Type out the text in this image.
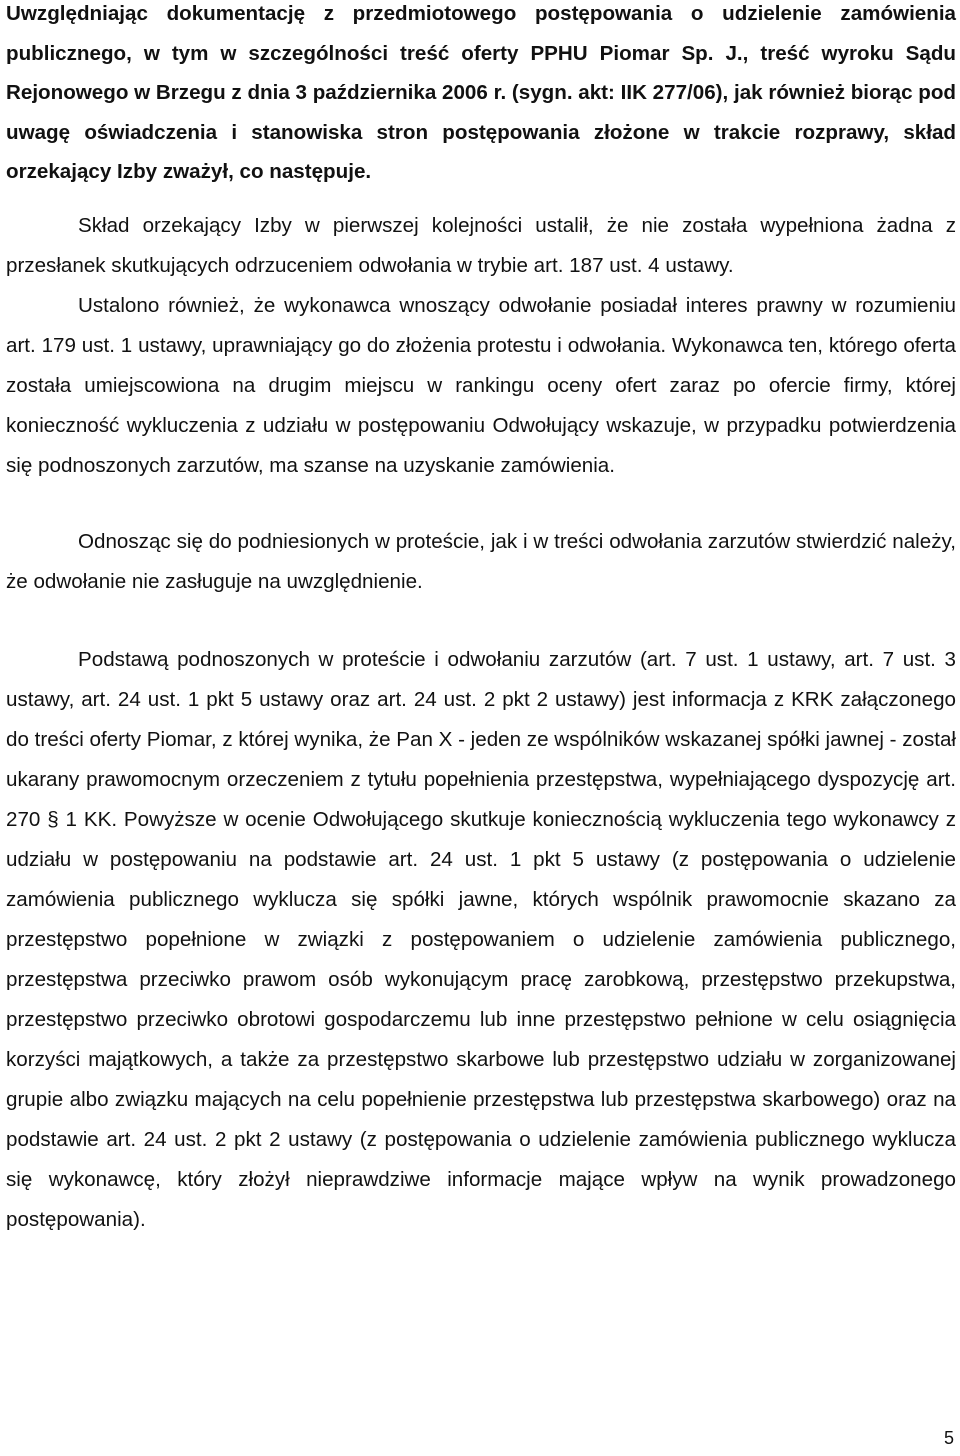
Uwzględniając dokumentację z przedmiotowego postępowania o udzielenie zamówienia publicznego, w tym w szczególności treść oferty PPHU Piomar Sp. J., treść wyroku Sądu Rejonowego w Brzegu z dnia 3 października 2006 r. (sygn. akt: IIK 277/06), jak również biorąc pod uwagę oświadczenia i stanowiska stron postępowania złożone w trakcie rozprawy, skład orzekający Izby zważył, co następuje.

Skład orzekający Izby w pierwszej kolejności ustalił, że nie została wypełniona żadna z przesłanek skutkujących odrzuceniem odwołania w trybie art. 187 ust. 4 ustawy.

Ustalono również, że wykonawca wnoszący odwołanie posiadał interes prawny w rozumieniu art. 179 ust. 1 ustawy, uprawniający go do złożenia protestu i odwołania. Wykonawca ten, którego oferta została umiejscowiona na drugim miejscu w rankingu oceny ofert zaraz po ofercie firmy, której konieczność wykluczenia z udziału w postępowaniu Odwołujący wskazuje, w przypadku potwierdzenia się podnoszonych zarzutów, ma szanse na uzyskanie zamówienia.

Odnosząc się do podniesionych w proteście, jak i w treści odwołania zarzutów stwierdzić należy, że odwołanie nie zasługuje na uwzględnienie.

Podstawą podnoszonych w proteście i odwołaniu zarzutów (art. 7 ust. 1 ustawy, art. 7 ust. 3 ustawy, art. 24 ust. 1 pkt 5 ustawy oraz art. 24 ust. 2 pkt 2 ustawy) jest informacja z KRK załączonego do treści oferty Piomar, z której wynika, że Pan X - jeden ze wspólników wskazanej spółki jawnej - został ukarany prawomocnym orzeczeniem z tytułu popełnienia przestępstwa, wypełniającego dyspozycję art. 270 § 1 KK. Powyższe w ocenie Odwołującego skutkuje koniecznością wykluczenia tego wykonawcy z udziału w postępowaniu na podstawie art. 24 ust. 1 pkt 5 ustawy (z postępowania o udzielenie zamówienia publicznego wyklucza się spółki jawne, których wspólnik prawomocnie skazano za przestępstwo popełnione w związki z postępowaniem o udzielenie zamówienia publicznego, przestępstwa przeciwko prawom osób wykonującym pracę zarobkową, przestępstwo przekupstwa, przestępstwo przeciwko obrotowi gospodarczemu lub inne przestępstwo pełnione w celu osiągnięcia korzyści majątkowych, a także za przestępstwo skarbowe lub przestępstwo udziału w zorganizowanej grupie albo związku mających na celu popełnienie przestępstwa lub przestępstwa skarbowego) oraz na podstawie art. 24 ust. 2 pkt 2 ustawy (z postępowania o udzielenie zamówienia publicznego wyklucza się wykonawcę, który złożył nieprawdziwe informacje mające wpływ na wynik prowadzonego postępowania).

5
